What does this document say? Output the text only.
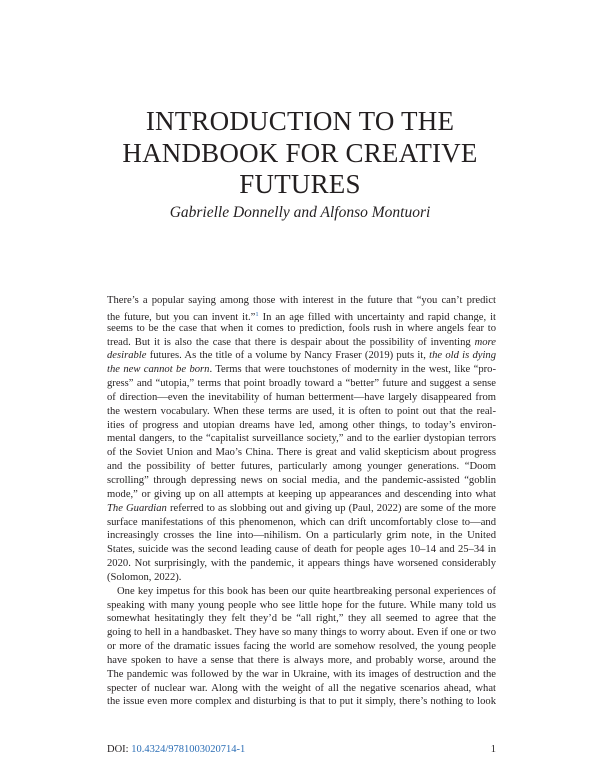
INTRODUCTION TO THE
HANDBOOK FOR CREATIVE
FUTURES

Gabrielle Donnelly and Alfonso Montuori

There’s a popular saying among those with interest in the future that “you can’t predict
the future, but you can invent it.”$^1$ In an age filled with uncertainty and rapid change, it
seems to be the case that when it comes to prediction, fools rush in where angels fear to
tread. But it is also the case that there is despair about the possibility of inventing more
desirable futures. As the title of a volume by Nancy Fraser (2019) puts it, the old is dying
the new cannot be born. Terms that were touchstones of modernity in the west, like “pro-
gress” and “utopia,” terms that point broadly toward a “better” future and suggest a sense
of direction—even the inevitability of human betterment—have largely disappeared from
the western vocabulary. When these terms are used, it is often to point out that the real-
ities of progress and utopian dreams have led, among other things, to today’s environ-
mental dangers, to the “capitalist surveillance society,” and to the earlier dystopian terrors
of the Soviet Union and Mao’s China. There is great and valid skepticism about progress
and the possibility of better futures, particularly among younger generations. “Doom
scrolling” through depressing news on social media, and the pandemic-assisted “goblin
mode,” or giving up on all attempts at keeping up appearances and descending into what
The Guardian referred to as slobbing out and giving up (Paul, 2022) are some of the more
surface manifestations of this phenomenon, which can drift uncomfortably close to—and
increasingly crosses the line into—nihilism. On a particularly grim note, in the United
States, suicide was the second leading cause of death for people ages 10–14 and 25–34 in
2020. Not surprisingly, with the pandemic, it appears things have worsened considerably
(Solomon, 2022).
One key impetus for this book has been our quite heartbreaking personal experiences of
speaking with many young people who see little hope for the future. While many told us
somewhat hesitatingly they felt they’d be “all right,” they all seemed to agree that the
going to hell in a handbasket. They have so many things to worry about. Even if one or two
or more of the dramatic issues facing the world are somehow resolved, the young people
have spoken to have a sense that there is always more, and probably worse, around the
The pandemic was followed by the war in Ukraine, with its images of destruction and the
specter of nuclear war. Along with the weight of all the negative scenarios ahead, what
the issue even more complex and disturbing is that to put it simply, there’s nothing to look
DOI: 10.4324/9781003020714-1	1
